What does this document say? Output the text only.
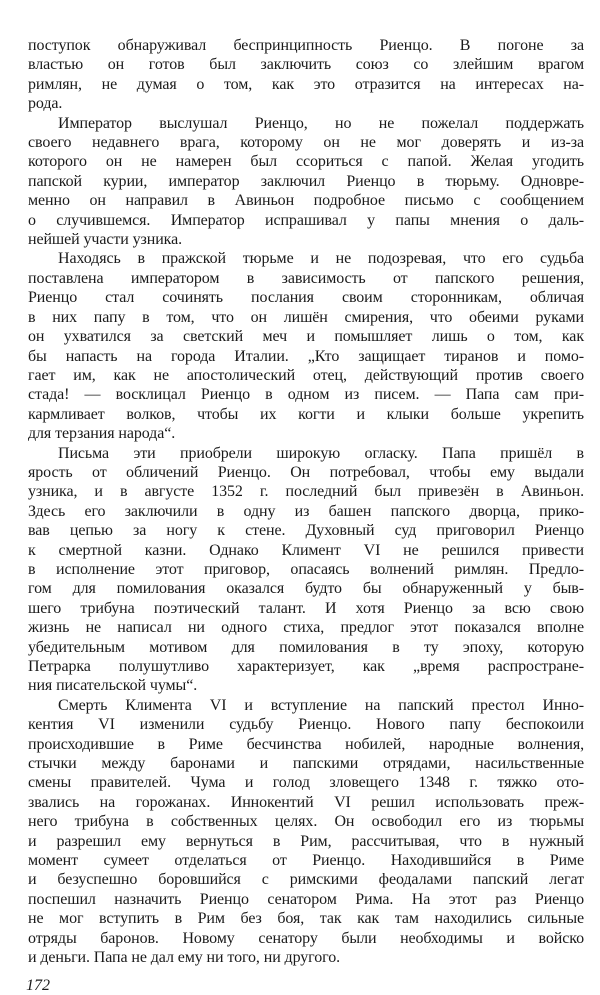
поступок обнаруживал беспринципность Риенцо. В погоне за
властью он готов был заключить союз со злейшим врагом
римлян, не думая о том, как это отразится на интересах на-
рода.
Император выслушал Риенцо, но не пожелал поддержать
своего недавнего врага, которому он не мог доверять и из-за
которого он не намерен был ссориться с папой. Желая угодить
папской курии, император заключил Риенцо в тюрьму. Одновре-
менно он направил в Авиньон подробное письмо с сообщением
о случившемся. Император испрашивал у папы мнения о даль-
нейшей участи узника.
Находясь в пражской тюрьме и не подозревая, что его судьба
поставлена императором в зависимость от папского решения,
Риенцо стал сочинять послания своим сторонникам, обличая
в них папу в том, что он лишён смирения, что обеими руками
он ухватился за светский меч и помышляет лишь о том, как
бы напасть на города Италии. „Кто защищает тиранов и помо-
гает им, как не апостолический отец, действующий против своего
стада! — восклицал Риенцо в одном из писем. — Папа сам при-
кармливает волков, чтобы их когти и клыки больше укрепить
для терзания народа“.
Письма эти приобрели широкую огласку. Папа пришёл в
ярость от обличений Риенцо. Он потребовал, чтобы ему выдали
узника, и в августе 1352 г. последний был привезён в Авиньон.
Здесь его заключили в одну из башен папского дворца, прико-
вав цепью за ногу к стене. Духовный суд приговорил Риенцо
к смертной казни. Однако Климент VI не решился привести
в исполнение этот приговор, опасаясь волнений римлян. Предло-
гом для помилования оказался будто бы обнаруженный у быв-
шего трибуна поэтический талант. И хотя Риенцо за всю свою
жизнь не написал ни одного стиха, предлог этот показался вполне
убедительным мотивом для помилования в ту эпоху, которую
Петрарка полушутливо характеризует, как „время распростране-
ния писательской чумы“.
Смерть Климента VI и вступление на папский престол Инно-
кентия VI изменили судьбу Риенцо. Нового папу беспокоили
происходившие в Риме бесчинства нобилей, народные волнения,
стычки между баронами и папскими отрядами, насильственные
смены правителей. Чума и голод зловещего 1348 г. тяжко ото-
звались на горожанах. Иннокентий VI решил использовать преж-
него трибуна в собственных целях. Он освободил его из тюрьмы
и разрешил ему вернуться в Рим, рассчитывая, что в нужный
момент сумеет отделаться от Риенцо. Находившийся в Риме
и безуспешно боровшийся с римскими феодалами папский легат
поспешил назначить Риенцо сенатором Рима. На этот раз Риенцо
не мог вступить в Рим без боя, так как там находились сильные
отряды баронов. Новому сенатору были необходимы и войско
и деньги. Папа не дал ему ни того, ни другого.
172
